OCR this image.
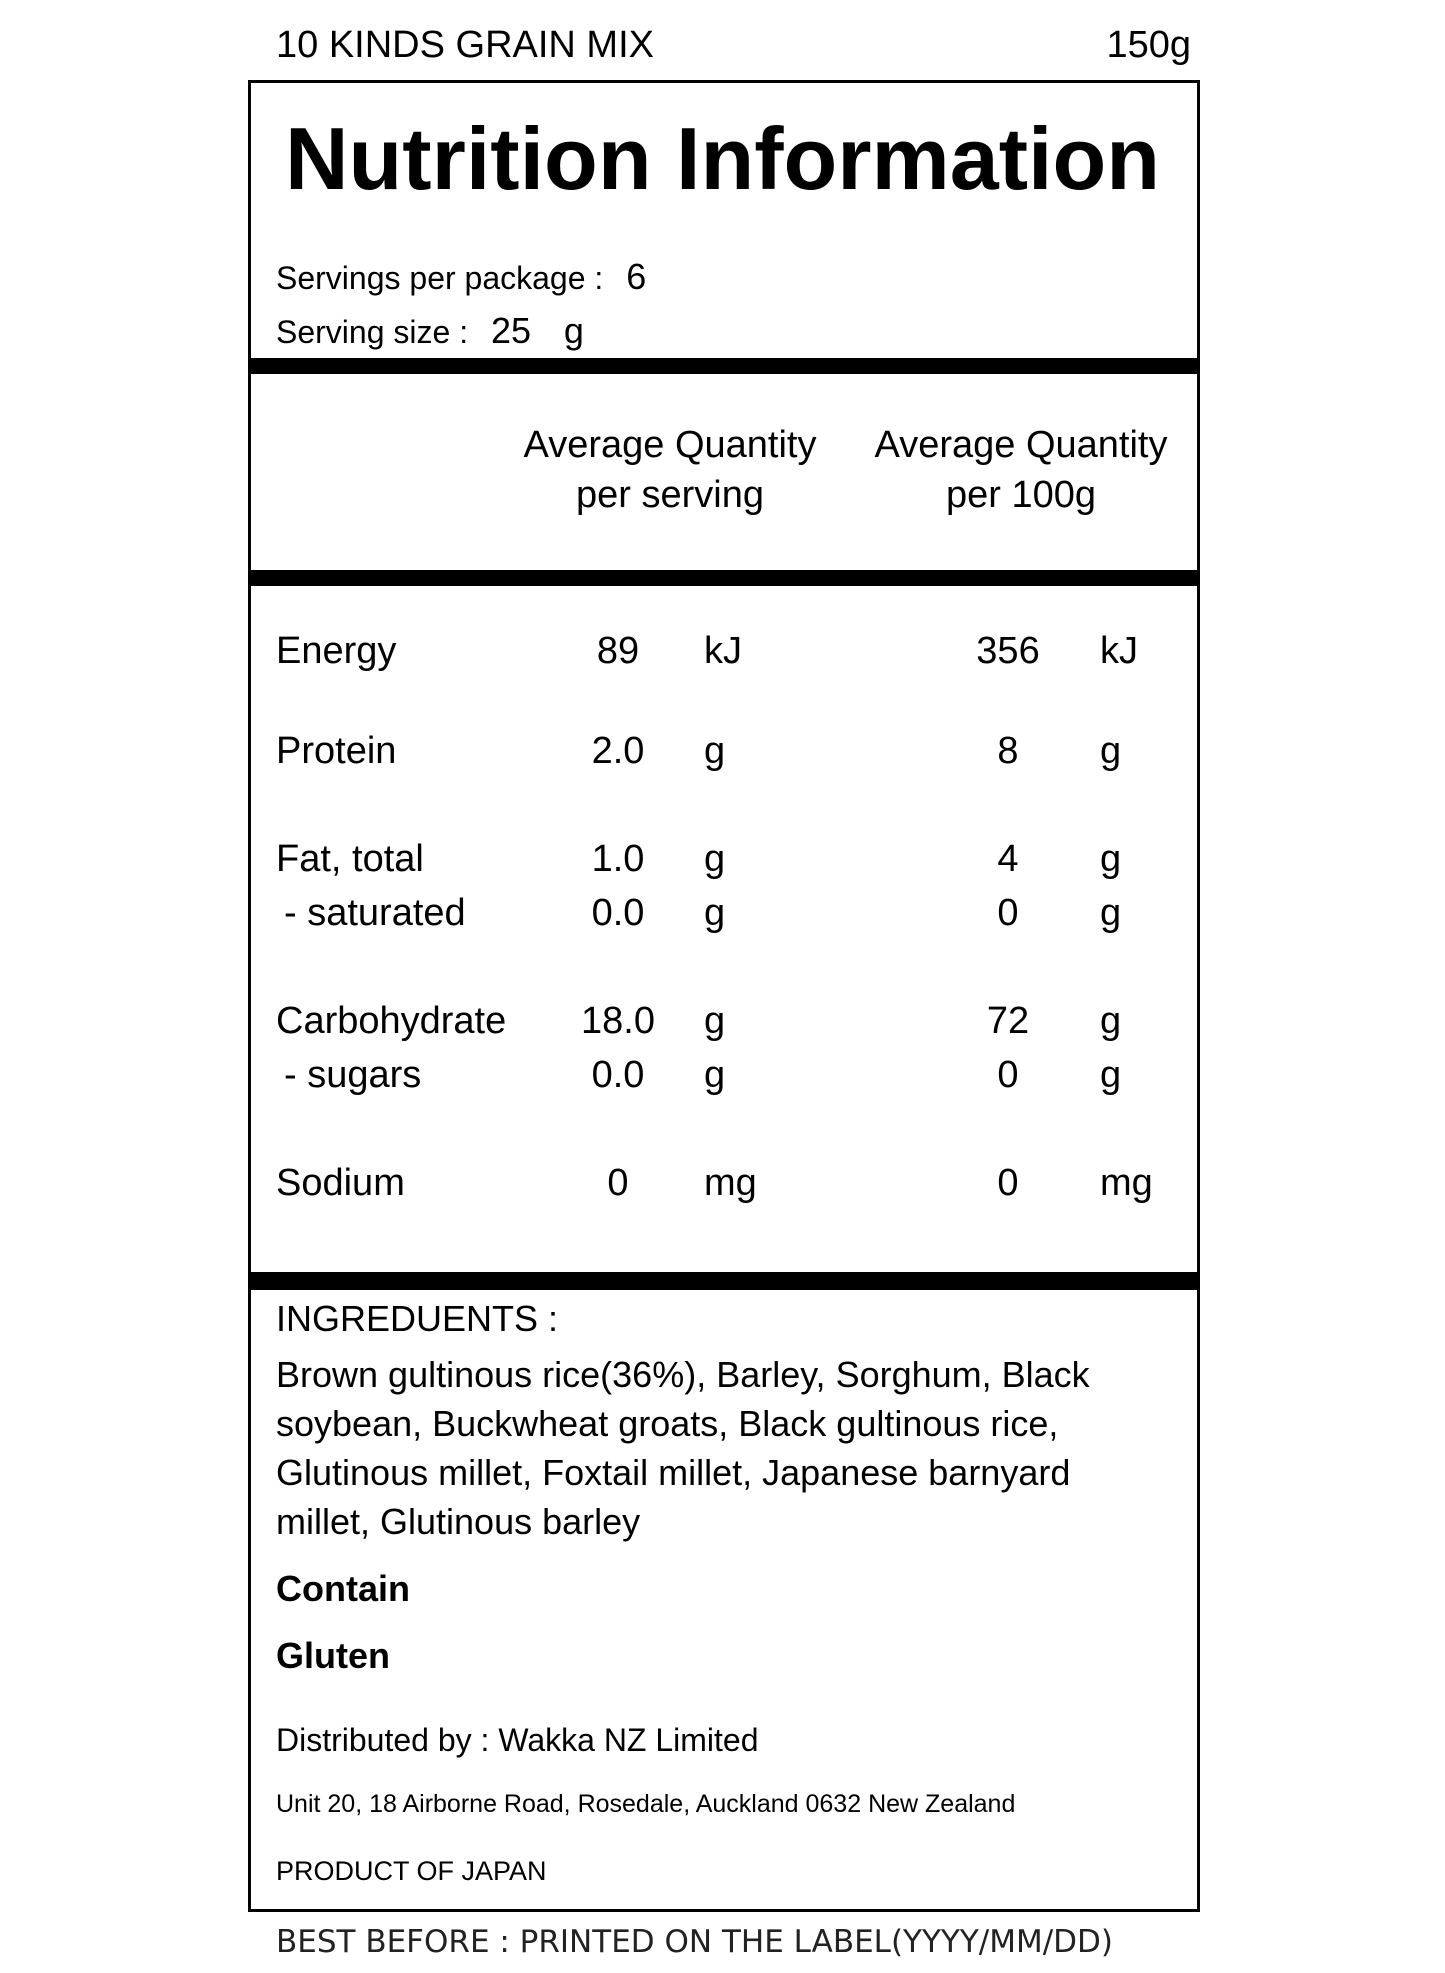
10 KINDS GRAIN MIX	150g
Nutrition Information
Servings per package : 6
Serving size : 25 g
Average Quantity
per serving
Average Quantity
per 100g
Energy	89	kJ	356	kJ
Protein	2.0	g	8	g
Fat, total	1.0	g	4	g
- saturated	0.0	g	0	g
Carbohydrate	18.0	g	72	g
- sugars	0.0	g	0	g
Sodium	0	mg	0	mg
INGREDUENTS :
Brown gultinous rice(36%), Barley, Sorghum, Black soybean, Buckwheat groats, Black gultinous rice, Glutinous millet, Foxtail millet, Japanese barnyard millet, Glutinous barley
Contain
Gluten
Distributed by : Wakka NZ Limited
Unit 20, 18 Airborne Road, Rosedale, Auckland 0632 New Zealand
PRODUCT OF JAPAN
BEST BEFORE : PRINTED ON THE LABEL(YYYY/MM/DD)
